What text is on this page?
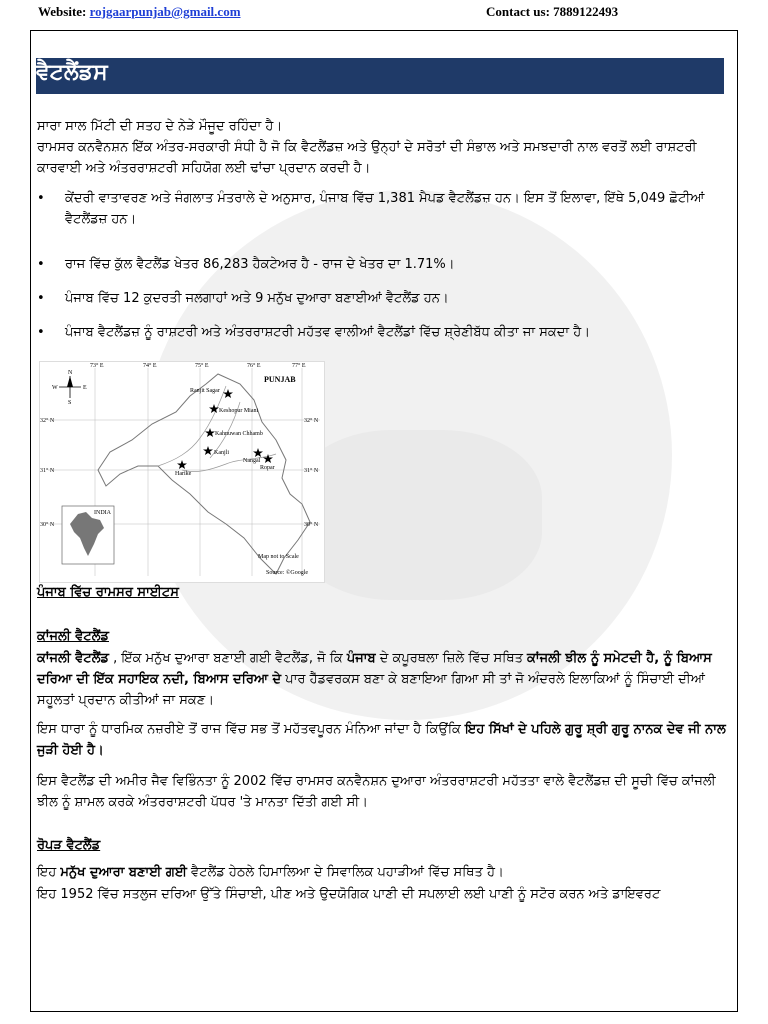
Website: rojgaarpunjab@gmail.com	Contact us: 7889122493
ਵੈਟਲੈਂਡਸ
ਸਾਰਾ ਸਾਲ ਮਿੱਟੀ ਦੀ ਸਤਹ ਦੇ ਨੇੜੇ ਮੌਜੂਦ ਰਹਿੰਦਾ ਹੈ।
ਰਾਮਸਰ ਕਨਵੈਨਸ਼ਨ ਇੱਕ ਅੰਤਰ-ਸਰਕਾਰੀ ਸੰਧੀ ਹੈ ਜੋ ਕਿ ਵੈਟਲੈਂਡਜ਼ ਅਤੇ ਉਨ੍ਹਾਂ ਦੇ ਸਰੋਤਾਂ ਦੀ ਸੰਭਾਲ ਅਤੇ ਸਮਝਦਾਰੀ ਨਾਲ ਵਰਤੋਂ ਲਈ ਰਾਸ਼ਟਰੀ ਕਾਰਵਾਈ ਅਤੇ ਅੰਤਰਰਾਸ਼ਟਰੀ ਸਹਿਯੋਗ ਲਈ ਢਾਂਚਾ ਪ੍ਰਦਾਨ ਕਰਦੀ ਹੈ।
• ਕੇਂਦਰੀ ਵਾਤਾਵਰਣ ਅਤੇ ਜੰਗਲਾਤ ਮੰਤਰਾਲੇ ਦੇ ਅਨੁਸਾਰ, ਪੰਜਾਬ ਵਿੱਚ 1,381 ਮੈਪਡ ਵੈਟਲੈਂਡਜ਼ ਹਨ। ਇਸ ਤੋਂ ਇਲਾਵਾ, ਇੱਥੇ 5,049 ਛੋਟੀਆਂ ਵੈਟਲੈਂਡਜ਼ ਹਨ।
• ਰਾਜ ਵਿੱਚ ਕੁੱਲ ਵੈਟਲੈਂਡ ਖੇਤਰ 86,283 ਹੈਕਟੇਅਰ ਹੈ - ਰਾਜ ਦੇ ਖੇਤਰ ਦਾ 1.71%।
• ਪੰਜਾਬ ਵਿੱਚ 12 ਕੁਦਰਤੀ ਜਲਗਾਹਾਂ ਅਤੇ 9 ਮਨੁੱਖ ਦੁਆਰਾ ਬਣਾਈਆਂ ਵੈਟਲੈਂਡ ਹਨ।
• ਪੰਜਾਬ ਵੈਟਲੈਂਡਜ਼ ਨੂੰ ਰਾਸ਼ਟਰੀ ਅਤੇ ਅੰਤਰਰਾਸ਼ਟਰੀ ਮਹੱਤਵ ਵਾਲੀਆਂ ਵੈਟਲੈਂਡਾਂ ਵਿੱਚ ਸ਼੍ਰੇਣੀਬੱਧ ਕੀਤਾ ਜਾ ਸਕਦਾ ਹੈ।
ਪੰਜਾਬ ਵਿੱਚ ਰਾਮਸਰ ਸਾਈਟਸ
ਕਾਂਜਲੀ ਵੈਟਲੈਂਡ
ਕਾਂਜਲੀ ਵੈਟਲੈਂਡ , ਇੱਕ ਮਨੁੱਖ ਦੁਆਰਾ ਬਣਾਈ ਗਈ ਵੈਟਲੈਂਡ, ਜੋ ਕਿ ਪੰਜਾਬ ਦੇ ਕਪੂਰਥਲਾ ਜ਼ਿਲੇ ਵਿੱਚ ਸਥਿਤ ਕਾਂਜਲੀ ਝੀਲ ਨੂੰ ਸਮੇਟਦੀ ਹੈ, ਨੂੰ ਬਿਆਸ ਦਰਿਆ ਦੀ ਇੱਕ ਸਹਾਇਕ ਨਦੀ, ਬਿਆਸ ਦਰਿਆ ਦੇ ਪਾਰ ਹੈੱਡਵਰਕਸ ਬਣਾ ਕੇ ਬਣਾਇਆ ਗਿਆ ਸੀ ਤਾਂ ਜੋ ਅੰਦਰਲੇ ਇਲਾਕਿਆਂ ਨੂੰ ਸਿੰਚਾਈ ਦੀਆਂ ਸਹੂਲਤਾਂ ਪ੍ਰਦਾਨ ਕੀਤੀਆਂ ਜਾ ਸਕਣ।
ਇਸ ਧਾਰਾ ਨੂੰ ਧਾਰਮਿਕ ਨਜ਼ਰੀਏ ਤੋਂ ਰਾਜ ਵਿੱਚ ਸਭ ਤੋਂ ਮਹੱਤਵਪੂਰਨ ਮੰਨਿਆ ਜਾਂਦਾ ਹੈ ਕਿਉਂਕਿ ਇਹ ਸਿੱਖਾਂ ਦੇ ਪਹਿਲੇ ਗੁਰੂ ਸ਼੍ਰੀ ਗੁਰੂ ਨਾਨਕ ਦੇਵ ਜੀ ਨਾਲ ਜੁੜੀ ਹੋਈ ਹੈ।
ਇਸ ਵੈਟਲੈਂਡ ਦੀ ਅਮੀਰ ਜੈਵ ਵਿਭਿੰਨਤਾ ਨੂੰ 2002 ਵਿੱਚ ਰਾਮਸਰ ਕਨਵੈਨਸ਼ਨ ਦੁਆਰਾ ਅੰਤਰਰਾਸ਼ਟਰੀ ਮਹੱਤਤਾ ਵਾਲੇ ਵੈਟਲੈਂਡਜ਼ ਦੀ ਸੂਚੀ ਵਿੱਚ ਕਾਂਜਲੀ ਝੀਲ ਨੂੰ ਸ਼ਾਮਲ ਕਰਕੇ ਅੰਤਰਰਾਸ਼ਟਰੀ ਪੱਧਰ 'ਤੇ ਮਾਨਤਾ ਦਿੱਤੀ ਗਈ ਸੀ।
ਰੋਪੜ ਵੈਟਲੈਂਡ
ਇਹ ਮਨੁੱਖ ਦੁਆਰਾ ਬਣਾਈ ਗਈ ਵੈਟਲੈਂਡ ਹੇਠਲੇ ਹਿਮਾਲਿਆ ਦੇ ਸਿਵਾਲਿਕ ਪਹਾੜੀਆਂ ਵਿੱਚ ਸਥਿਤ ਹੈ।
ਇਹ 1952 ਵਿੱਚ ਸਤਲੁਜ ਦਰਿਆ ਉੱਤੇ ਸਿੰਚਾਈ, ਪੀਣ ਅਤੇ ਉਦਯੋਗਿਕ ਪਾਣੀ ਦੀ ਸਪਲਾਈ ਲਈ ਪਾਣੀ ਨੂੰ ਸਟੋਰ ਕਰਨ ਅਤੇ ਡਾਇਵਰਟ
N
W	E
S
73° E	74° E	75° E	76° E	77° E
32° N
31° N
30° N
32° N
31° N
30° N
PUNJAB
Ranjit Sagar
Keshopur Miani
Kahnuwan Chhamb
Kanjli
Nangal
Ropar
Harike
INDIA
Map not to Scale
Source: ©Google
